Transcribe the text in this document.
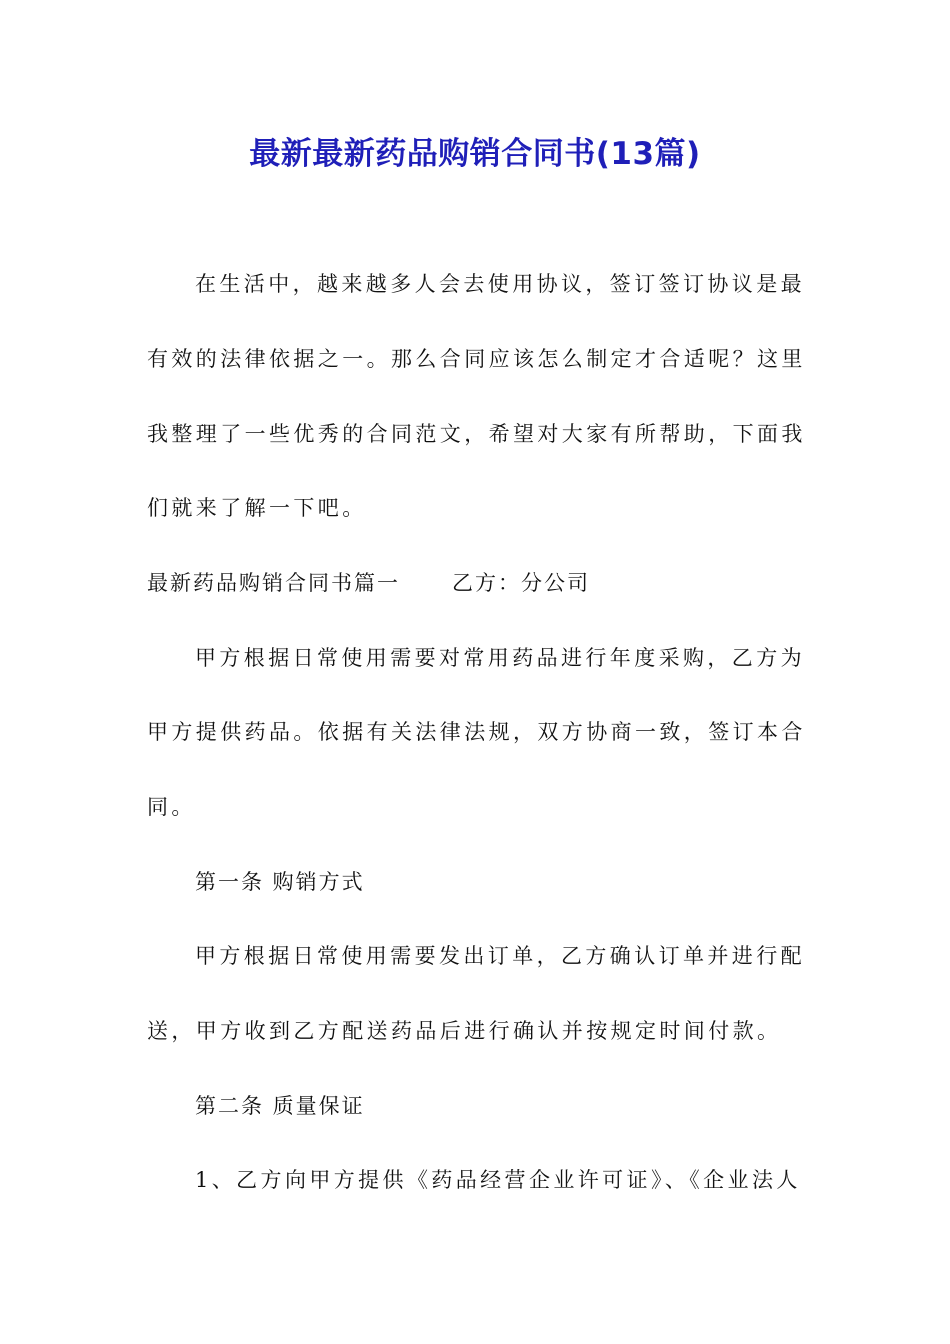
最新最新药品购销合同书(13篇)
在生活中，越来越多人会去使用协议，签订签订协议是最
有效的法律依据之一。那么合同应该怎么制定才合适呢？这里
我整理了一些优秀的合同范文，希望对大家有所帮助，下面我
们就来了解一下吧。
最新药品购销合同书篇一 乙方：分公司
甲方根据日常使用需要对常用药品进行年度采购，乙方为
甲方提供药品。依据有关法律法规，双方协商一致，签订本合
同。
第一条 购销方式
甲方根据日常使用需要发出订单，乙方确认订单并进行配
送，甲方收到乙方配送药品后进行确认并按规定时间付款。
第二条 质量保证
1、乙方向甲方提供《药品经营企业许可证》、《企业法人
